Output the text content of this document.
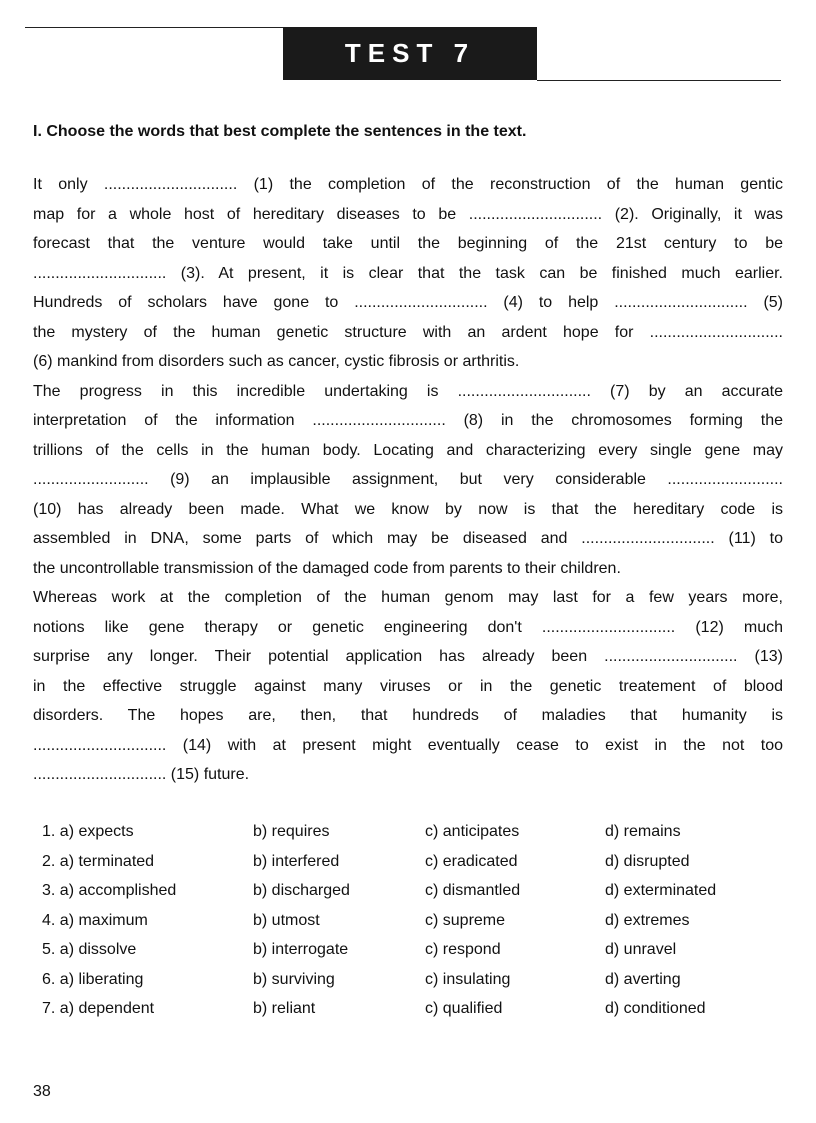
TEST 7
I. Choose the words that best complete the sentences in the text.
It only .............................. (1) the completion of the reconstruction of the human gentic
map for a whole host of hereditary diseases to be .............................. (2). Originally, it was
forecast that the venture would take until the beginning of the 21st century to be
.............................. (3). At present, it is clear that the task can be finished much earlier.
Hundreds of scholars have gone to .............................. (4) to help .............................. (5)
the mystery of the human genetic structure with an ardent hope for ..............................
(6) mankind from disorders such as cancer, cystic fibrosis or arthritis.
The progress in this incredible undertaking is .............................. (7) by an accurate
interpretation of the information .............................. (8) in the chromosomes forming the
trillions of the cells in the human body. Locating and characterizing every single gene may
.......................... (9) an implausible assignment, but very considerable ..........................
(10) has already been made. What we know by now is that the hereditary code is
assembled in DNA, some parts of which may be diseased and .............................. (11) to
the uncontrollable transmission of the damaged code from parents to their children.
Whereas work at the completion of the human genom may last for a few years more,
notions like gene therapy or genetic engineering don't .............................. (12) much
surprise any longer. Their potential application has already been .............................. (13)
in the effective struggle against many viruses or in the genetic treatement of blood
disorders. The hopes are, then, that hundreds of maladies that humanity is
.............................. (14) with at present might eventually cease to exist in the not too
.............................. (15) future.
1. a) expects	b) requires	c) anticipates	d) remains
2. a) terminated	b) interfered	c) eradicated	d) disrupted
3. a) accomplished	b) discharged	c) dismantled	d) exterminated
4. a) maximum	b) utmost	c) supreme	d) extremes
5. a) dissolve	b) interrogate	c) respond	d) unravel
6. a) liberating	b) surviving	c) insulating	d) averting
7. a) dependent	b) reliant	c) qualified	d) conditioned
38
